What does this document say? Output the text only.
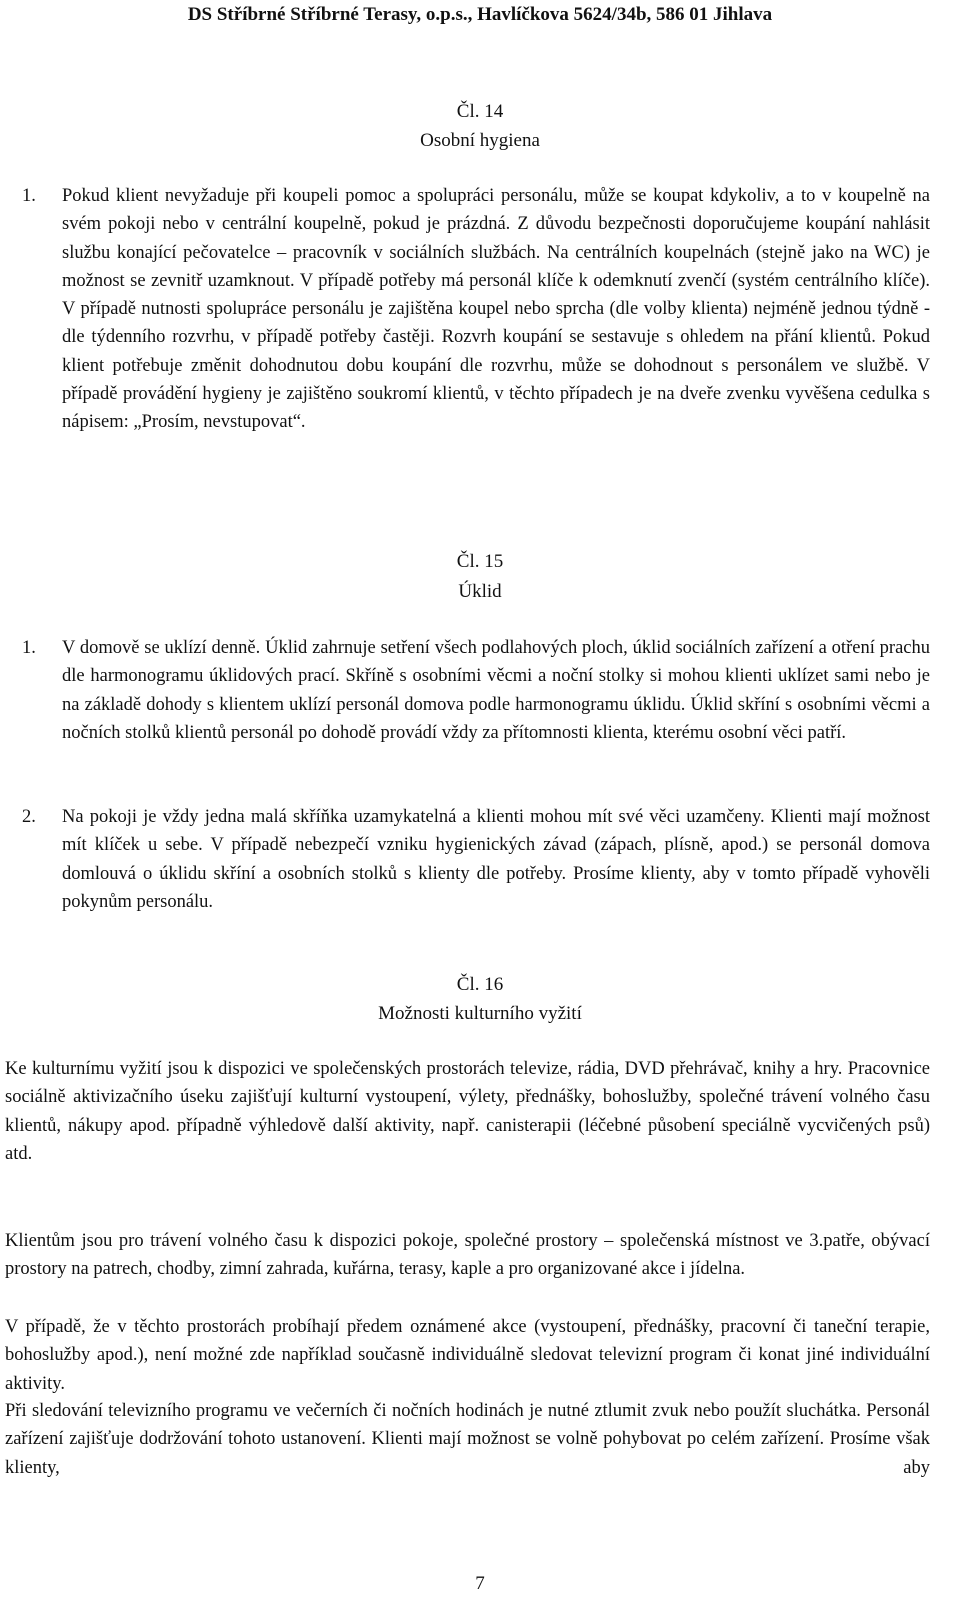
DS Stříbrné Stříbrné Terasy, o.p.s., Havlíčkova 5624/34b, 586 01 Jihlava
Čl. 14
Osobní hygiena
1. Pokud klient nevyžaduje při koupeli pomoc a spolupráci personálu, může se koupat kdykoliv, a to v koupelně na svém pokoji nebo v centrální koupelně, pokud je prázdná. Z důvodu bezpečnosti doporučujeme koupání nahlásit službu konající pečovatelce – pracovník v sociálních službách. Na centrálních koupelnách (stejně jako na WC) je možnost se zevnitř uzamknout. V případě potřeby má personál klíče k odemknutí zvenčí (systém centrálního klíče). V případě nutnosti spolupráce personálu je zajištěna koupel nebo sprcha (dle volby klienta) nejméně jednou týdně - dle týdenního rozvrhu, v případě potřeby častěji. Rozvrh koupání se sestavuje s ohledem na přání klientů. Pokud klient potřebuje změnit dohodnutou dobu koupání dle rozvrhu, může se dohodnout s personálem ve službě. V případě provádění hygieny je zajištěno soukromí klientů, v těchto případech je na dveře zvenku vyvěšena cedulka s nápisem: „Prosím, nevstupovat“.

Čl. 15
Úklid
1. V domově se uklízí denně. Úklid zahrnuje setření všech podlahových ploch, úklid sociálních zařízení a otření prachu dle harmonogramu úklidových prací. Skříně s osobními věcmi a noční stolky si mohou klienti uklízet sami nebo je na základě dohody s klientem uklízí personál domova podle harmonogramu úklidu. Úklid skříní s osobními věcmi a nočních stolků klientů personál po dohodě provádí vždy za přítomnosti klienta, kterému osobní věci patří.

2. Na pokoji je vždy jedna malá skříňka uzamykatelná a klienti mohou mít své věci uzamčeny. Klienti mají možnost mít klíček u sebe. V případě nebezpečí vzniku hygienických závad (zápach, plísně, apod.) se personál domova domlouvá o úklidu skříní a osobních stolků s klienty dle potřeby. Prosíme klienty, aby v tomto případě vyhověli pokynům personálu.

Čl. 16
Možnosti kulturního vyžití

Ke kulturnímu vyžití jsou k dispozici ve společenských prostorách televize, rádia, DVD přehrávač, knihy a hry. Pracovnice sociálně aktivizačního úseku zajišťují kulturní vystoupení, výlety, přednášky, bohoslužby, společné trávení volného času klientů, nákupy apod. případně výhledově další aktivity, např. canisterapii (léčebné působení speciálně vycvičených psů) atd.

Klientům jsou pro trávení volného času k dispozici pokoje, společné prostory – společenská místnost ve 3.patře, obývací prostory na patrech, chodby, zimní zahrada, kuřárna, terasy, kaple a pro organizované akce i jídelna.

V případě, že v těchto prostorách probíhají předem oznámené akce (vystoupení, přednášky, pracovní či taneční terapie, bohoslužby apod.), není možné zde například současně individuálně sledovat televizní program či konat jiné individuální aktivity.

Při sledování televizního programu ve večerních či nočních hodinách je nutné ztlumit zvuk nebo použít sluchátka. Personál zařízení zajišťuje dodržování tohoto ustanovení. Klienti mají možnost se volně pohybovat po celém zařízení. Prosíme však klienty, aby

7
